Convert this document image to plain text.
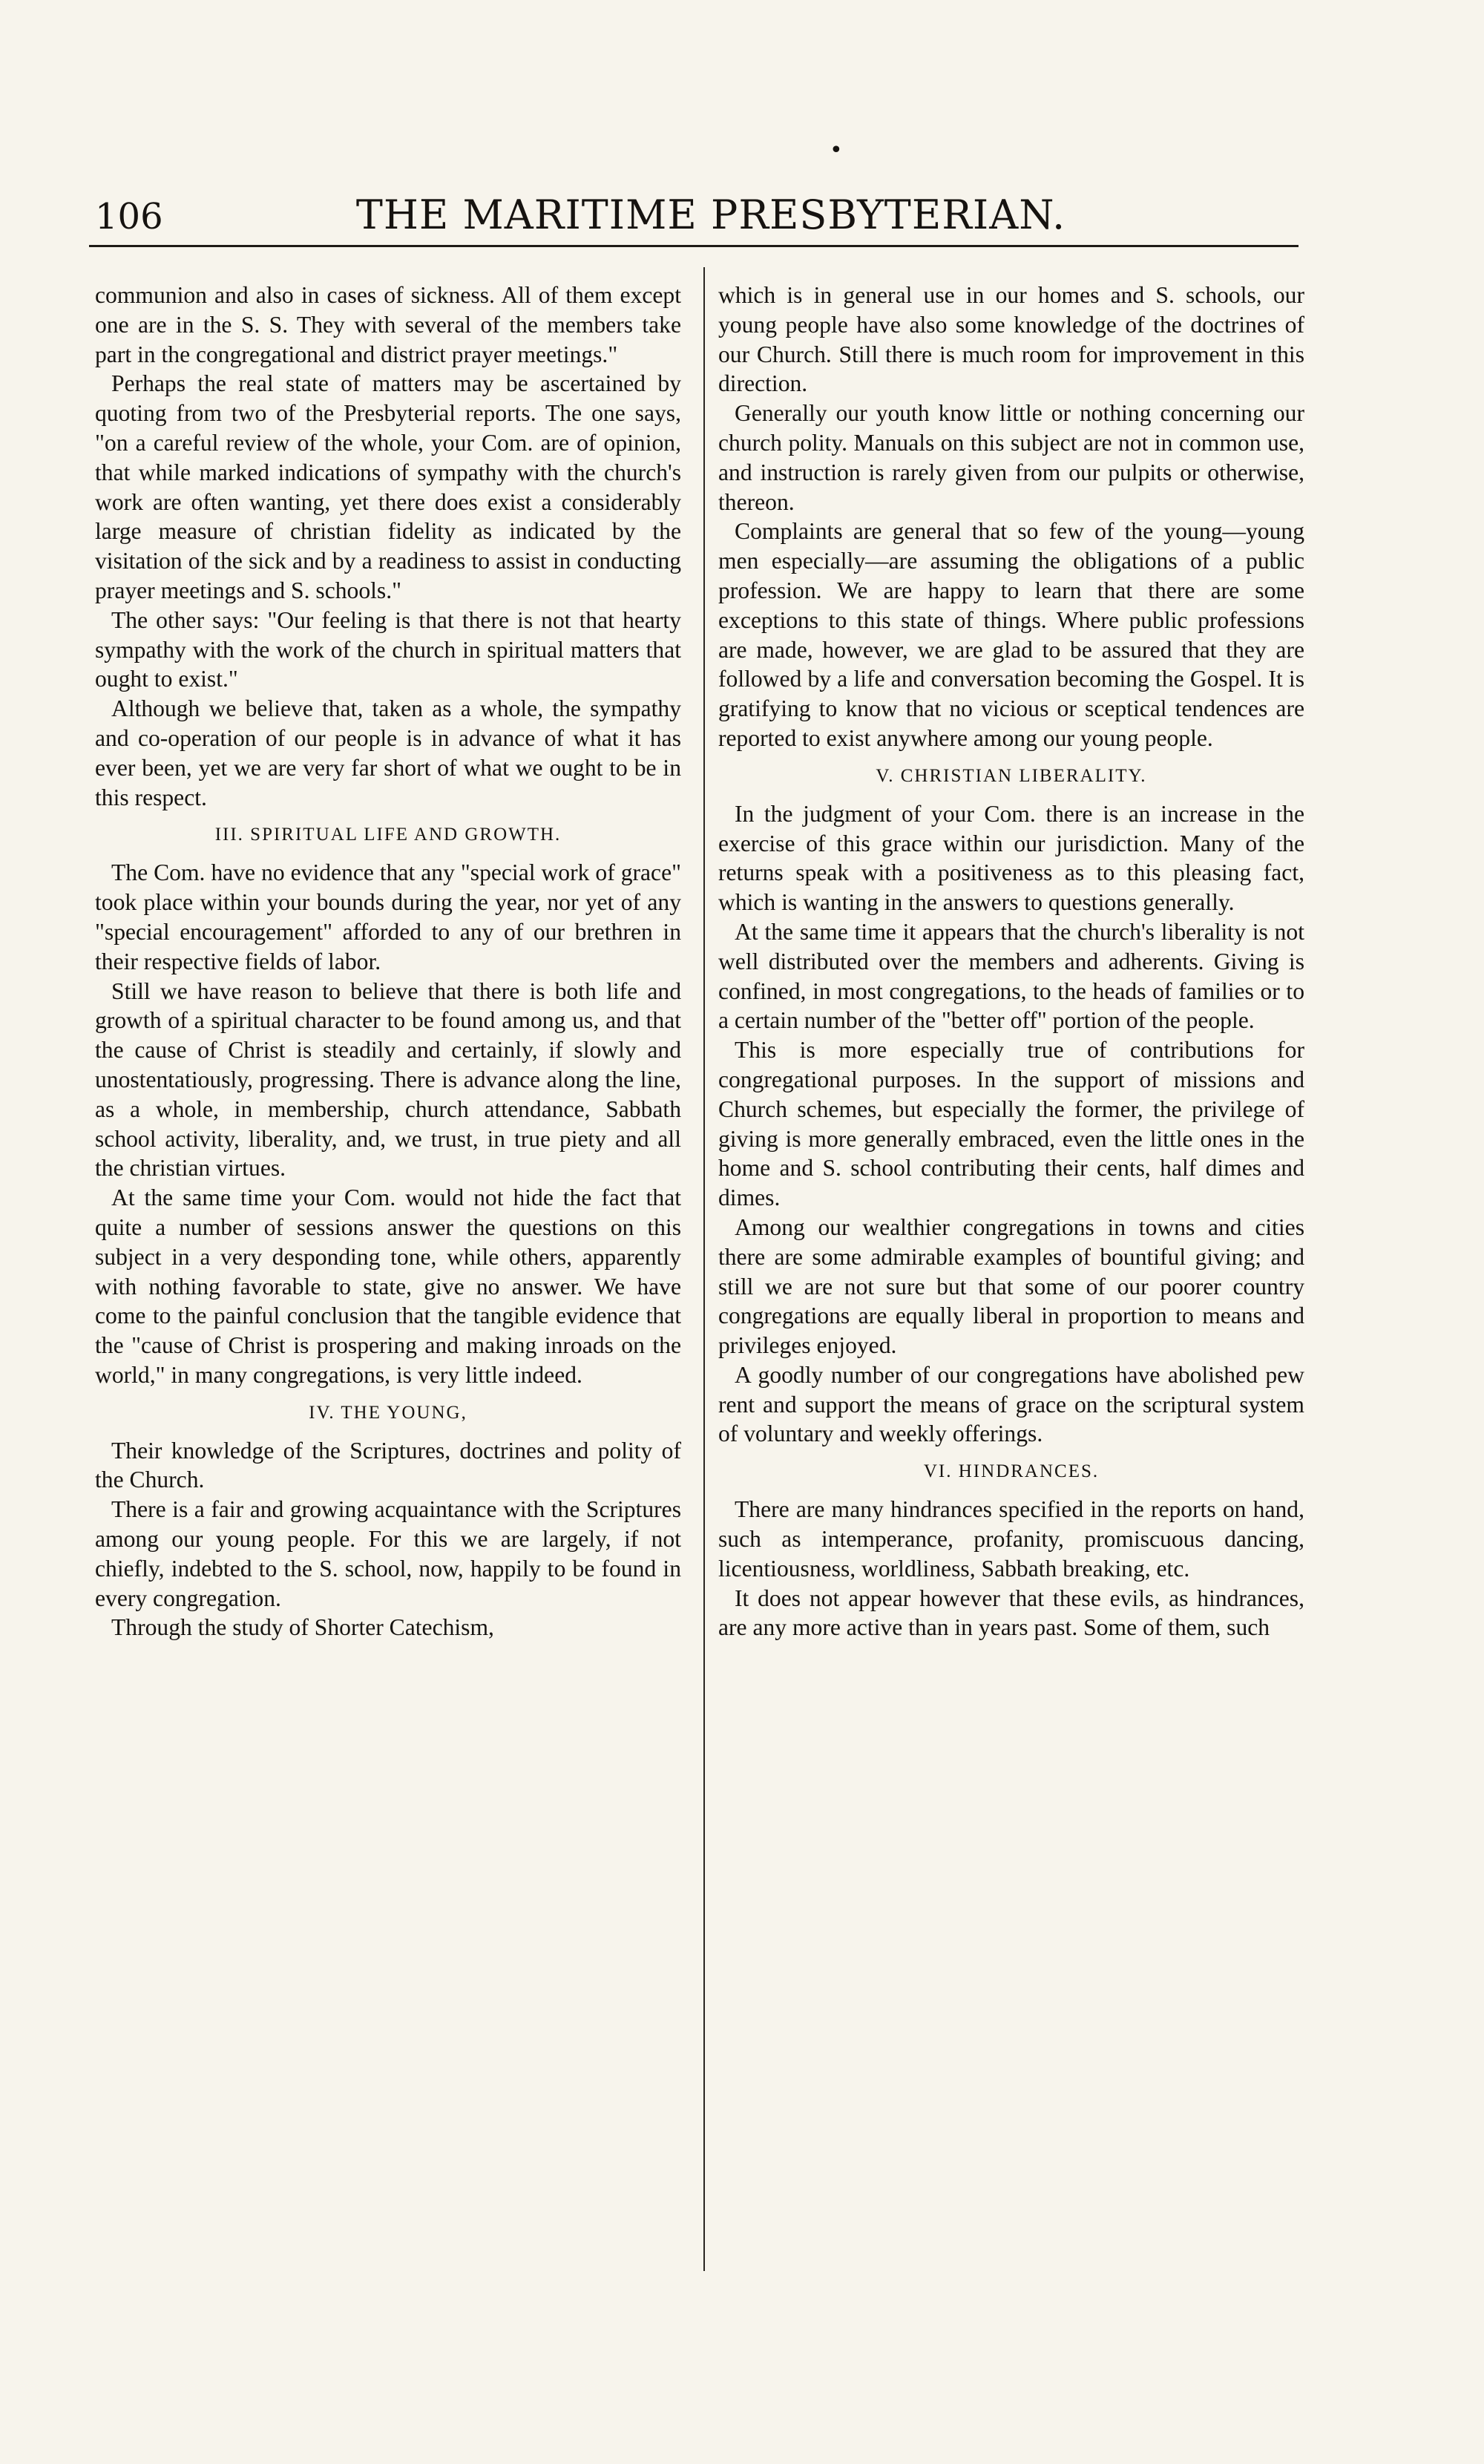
•
106	THE MARITIME PRESBYTERIAN.

communion and also in cases of sickness. All of them except one are in the S. S. They with several of the members take part in the congregational and district prayer meetings."

Perhaps the real state of matters may be ascertained by quoting from two of the Presbyterial reports. The one says, "on a careful review of the whole, your Com. are of opinion, that while marked indications of sympathy with the church's work are often wanting, yet there does exist a considerably large measure of christian fidelity as indicated by the visitation of the sick and by a readiness to assist in conducting prayer meetings and S. schools."

The other says: "Our feeling is that there is not that hearty sympathy with the work of the church in spiritual matters that ought to exist."

Although we believe that, taken as a whole, the sympathy and co-operation of our people is in advance of what it has ever been, yet we are very far short of what we ought to be in this respect.

III. SPIRITUAL LIFE AND GROWTH.

The Com. have no evidence that any "special work of grace" took place within your bounds during the year, nor yet of any "special encouragement" afforded to any of our brethren in their respective fields of labor.

Still we have reason to believe that there is both life and growth of a spiritual character to be found among us, and that the cause of Christ is steadily and certainly, if slowly and unostentatiously, progressing. There is advance along the line, as a whole, in membership, church attendance, Sabbath school activity, liberality, and, we trust, in true piety and all the christian virtues.

At the same time your Com. would not hide the fact that quite a number of sessions answer the questions on this subject in a very desponding tone, while others, apparently with nothing favorable to state, give no answer. We have come to the painful conclusion that the tangible evidence that the "cause of Christ is prospering and making inroads on the world," in many congregations, is very little indeed.

IV. THE YOUNG,

Their knowledge of the Scriptures, doctrines and polity of the Church.

There is a fair and growing acquaintance with the Scriptures among our young people. For this we are largely, if not chiefly, indebted to the S. school, now, happily to be found in every congregation.

Through the study of Shorter Catechism,

which is in general use in our homes and S. schools, our young people have also some knowledge of the doctrines of our Church. Still there is much room for improvement in this direction.

Generally our youth know little or nothing concerning our church polity. Manuals on this subject are not in common use, and instruction is rarely given from our pulpits or otherwise, thereon.

Complaints are general that so few of the young—young men especially—are assuming the obligations of a public profession. We are happy to learn that there are some exceptions to this state of things. Where public professions are made, however, we are glad to be assured that they are followed by a life and conversation becoming the Gospel. It is gratifying to know that no vicious or sceptical tendences are reported to exist anywhere among our young people.

V. CHRISTIAN LIBERALITY.

In the judgment of your Com. there is an increase in the exercise of this grace within our jurisdiction. Many of the returns speak with a positiveness as to this pleasing fact, which is wanting in the answers to questions generally.

At the same time it appears that the church's liberality is not well distributed over the members and adherents. Giving is confined, in most congregations, to the heads of families or to a certain number of the "better off" portion of the people.

This is more especially true of contributions for congregational purposes. In the support of missions and Church schemes, but especially the former, the privilege of giving is more generally embraced, even the little ones in the home and S. school contributing their cents, half dimes and dimes.

Among our wealthier congregations in towns and cities there are some admirable examples of bountiful giving; and still we are not sure but that some of our poorer country congregations are equally liberal in proportion to means and privileges enjoyed.

A goodly number of our congregations have abolished pew rent and support the means of grace on the scriptural system of voluntary and weekly offerings.

VI. HINDRANCES.

There are many hindrances specified in the reports on hand, such as intemperance, profanity, promiscuous dancing, licentiousness, worldliness, Sabbath breaking, etc.

It does not appear however that these evils, as hindrances, are any more active than in years past. Some of them, such
